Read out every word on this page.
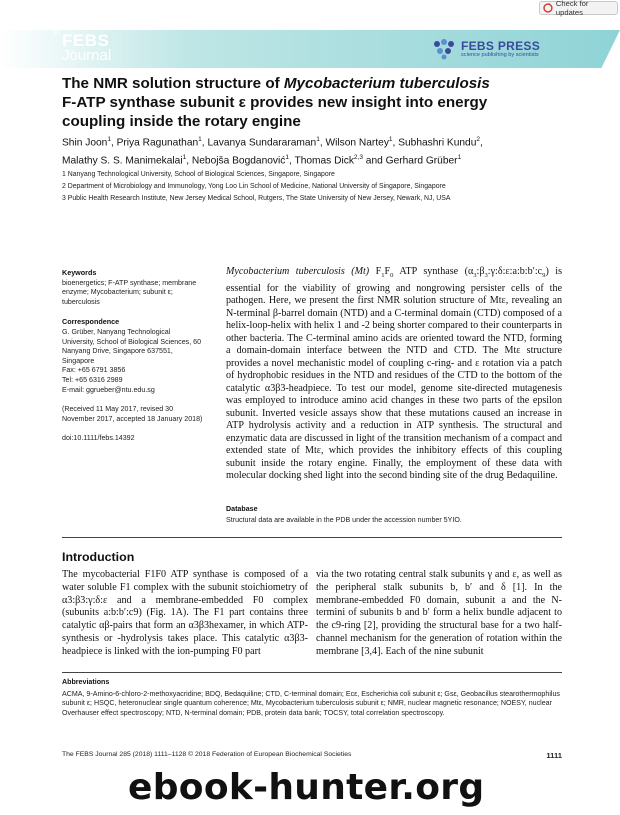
Check for updates
The
FEBS
Journal
FEBS PRESS
science publishing by scientists
The NMR solution structure of Mycobacterium tuberculosis
F-ATP synthase subunit ε provides new insight into energy
coupling inside the rotary engine
Shin Joon$^1$, Priya Ragunathan$^1$, Lavanya Sundararaman$^1$, Wilson Nartey$^1$, Subhashri Kundu$^2$,
Malathy S. S. Manimekalai$^1$, Nebojša Bogdanović$^1$, Thomas Dick$^{2,3}$ and Gerhard Grüber$^1$
1 Nanyang Technological University, School of Biological Sciences, Singapore, Singapore
2 Department of Microbiology and Immunology, Yong Loo Lin School of Medicine, National University of Singapore, Singapore
3 Public Health Research Institute, New Jersey Medical School, Rutgers, The State University of New Jersey, Newark, NJ, USA
Keywords
bioenergetics; F-ATP synthase; membrane
enzyme; Mycobacterium; subunit ε;
tuberculosis
Correspondence
G. Grüber, Nanyang Technological
University, School of Biological Sciences, 60
Nanyang Drive, Singapore 637551,
Singapore
Fax: +65 6791 3856
Tel: +65 6316 2989
E-mail: ggrueber@ntu.edu.sg
(Received 11 May 2017, revised 30
November 2017, accepted 18 January 2018)
doi:10.1111/febs.14392
Mycobacterium tuberculosis (Mt) $F_1F_0$ ATP synthase $(\alpha_3:\beta_3:\gamma:\delta:\varepsilon:a:b:b':c_9)$ is essential for the viability of growing and nongrowing persister cells of the pathogen. Here, we present the first NMR solution structure of Mtε, revealing an N-terminal β-barrel domain (NTD) and a C-terminal domain (CTD) composed of a helix-loop-helix with helix 1 and -2 being shorter compared to their counterparts in other bacteria. The C-terminal amino acids are oriented toward the NTD, forming a domain-domain interface between the NTD and CTD. The Mtε structure provides a novel mechanistic model of coupling c-ring- and ε rotation via a patch of hydrophobic residues in the NTD and residues of the CTD to the bottom of the catalytic α3β3-headpiece. To test our model, genome site-directed mutagenesis was employed to introduce amino acid changes in these two parts of the epsilon subunit. Inverted vesicle assays show that these mutations caused an increase in ATP hydrolysis activity and a reduction in ATP synthesis. The structural and enzymatic data are discussed in light of the transition mechanism of a compact and extended state of Mtε, which provides the inhibitory effects of this coupling subunit inside the rotary engine. Finally, the employment of these data with molecular docking shed light into the second binding site of the drug Bedaquiline.
Database
Structural data are available in the PDB under the accession number 5YIO.
Introduction
The mycobacterial F1F0 ATP synthase is composed of a water soluble F1 complex with the subunit stoichiometry of α3:β3:γ:δ:ε and a membrane-embedded F0 complex (subunits a:b:b′:c9) (Fig. 1A). The F1 part contains three catalytic αβ-pairs that form an α3β3hexamer, in which ATP- synthesis or -hydrolysis takes place. This catalytic α3β3-headpiece is linked with the ion-pumping F0 part
via the two rotating central stalk subunits γ and ε, as well as the peripheral stalk subunits b, b′ and δ [1]. In the membrane-embedded F0 domain, subunit a and the N-termini of subunits b and b′ form a helix bundle adjacent to the c9-ring [2], providing the structural base for a two half-channel mechanism for the generation of rotation within the membrane [3,4]. Each of the nine subunit
Abbreviations
ACMA, 9-Amino-6-chloro-2-methoxyacridine; BDQ, Bedaquiline; CTD, C-terminal domain; Ecε, Escherichia coli subunit ε; Gsε, Geobacillus stearothermophilus subunit ε; HSQC, heteronuclear single quantum coherence; Mtε, Mycobacterium tuberculosis subunit ε; NMR, nuclear magnetic resonance; NOESY, nuclear Overhauser effect spectroscopy; NTD, N-terminal domain; PDB, protein data bank; TOCSY, total correlation spectroscopy.
The FEBS Journal 285 (2018) 1111–1128 © 2018 Federation of European Biochemical Societies	1111
ebook-hunter.org
